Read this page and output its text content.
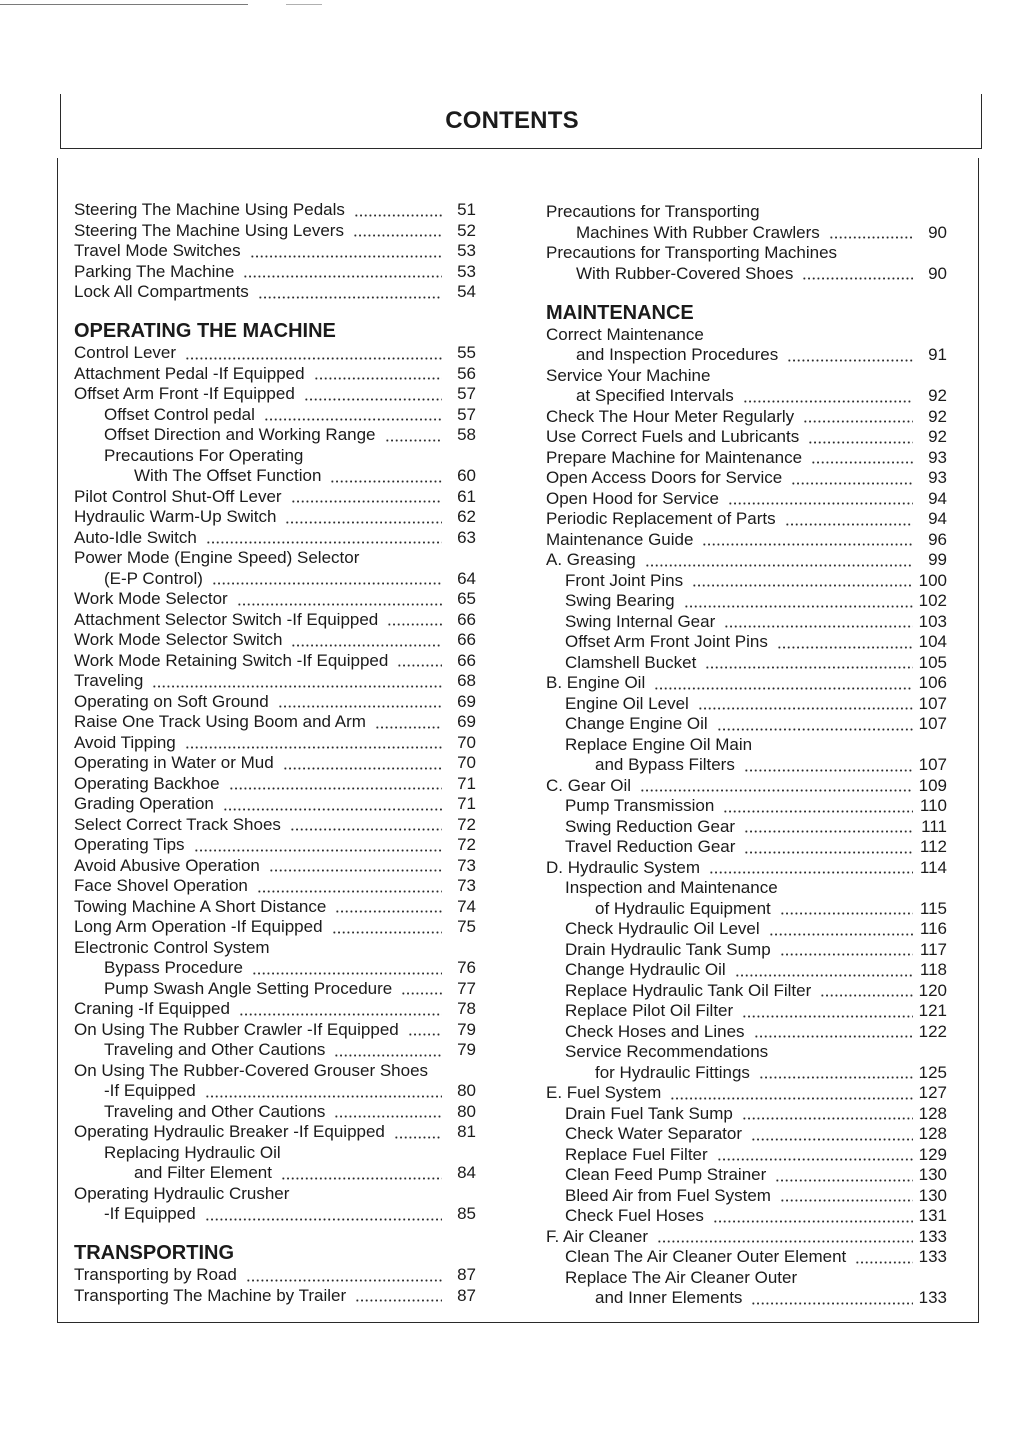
CONTENTS
Steering The Machine Using Pedals	51
Steering The Machine Using Levers	52
Travel Mode Switches	53
Parking The Machine	53
Lock All Compartments	54
OPERATING THE MACHINE
Control Lever	55
Attachment Pedal -If Equipped	56
Offset Arm Front -If Equipped	57
Offset Control pedal	57
Offset Direction and Working Range	58
Precautions For Operating
With The Offset Function	60
Pilot Control Shut-Off Lever	61
Hydraulic Warm-Up Switch	62
Auto-Idle Switch	63
Power Mode (Engine Speed) Selector
(E-P Control)	64
Work Mode Selector	65
Attachment Selector Switch -If Equipped	66
Work Mode Selector Switch	66
Work Mode Retaining Switch -If Equipped	66
Traveling	68
Operating on Soft Ground	69
Raise One Track Using Boom and Arm	69
Avoid Tipping	70
Operating in Water or Mud	70
Operating Backhoe	71
Grading Operation	71
Select Correct Track Shoes	72
Operating Tips	72
Avoid Abusive Operation	73
Face Shovel Operation	73
Towing Machine A Short Distance	74
Long Arm Operation -If Equipped	75
Electronic Control System
Bypass Procedure	76
Pump Swash Angle Setting Procedure	77
Craning -If Equipped	78
On Using The Rubber Crawler -If Equipped	79
Traveling and Other Cautions	79
On Using The Rubber-Covered Grouser Shoes
-If Equipped	80
Traveling and Other Cautions	80
Operating Hydraulic Breaker -If Equipped	81
Replacing Hydraulic Oil
and Filter Element	84
Operating Hydraulic Crusher
-If Equipped	85
TRANSPORTING
Transporting by Road	87
Transporting The Machine by Trailer	87
Precautions for Transporting
Machines With Rubber Crawlers	90
Precautions for Transporting Machines
With Rubber-Covered Shoes	90
MAINTENANCE
Correct Maintenance
and Inspection Procedures	91
Service Your Machine
at Specified Intervals	92
Check The Hour Meter Regularly	92
Use Correct Fuels and Lubricants	92
Prepare Machine for Maintenance	93
Open Access Doors for Service	93
Open Hood for Service	94
Periodic Replacement of Parts	94
Maintenance Guide	96
A. Greasing	99
Front Joint Pins	100
Swing Bearing	102
Swing Internal Gear	103
Offset Arm Front Joint Pins	104
Clamshell Bucket	105
B. Engine Oil	106
Engine Oil Level	107
Change Engine Oil	107
Replace Engine Oil Main
and Bypass Filters	107
C. Gear Oil	109
Pump Transmission	110
Swing Reduction Gear	111
Travel Reduction Gear	112
D. Hydraulic System	114
Inspection and Maintenance
of Hydraulic Equipment	115
Check Hydraulic Oil Level	116
Drain Hydraulic Tank Sump	117
Change Hydraulic Oil	118
Replace Hydraulic Tank Oil Filter	120
Replace Pilot Oil Filter	121
Check Hoses and Lines	122
Service Recommendations
for Hydraulic Fittings	125
E. Fuel System	127
Drain Fuel Tank Sump	128
Check Water Separator	128
Replace Fuel Filter	129
Clean Feed Pump Strainer	130
Bleed Air from Fuel System	130
Check Fuel Hoses	131
F. Air Cleaner	133
Clean The Air Cleaner Outer Element	133
Replace The Air Cleaner Outer
and Inner Elements	133
